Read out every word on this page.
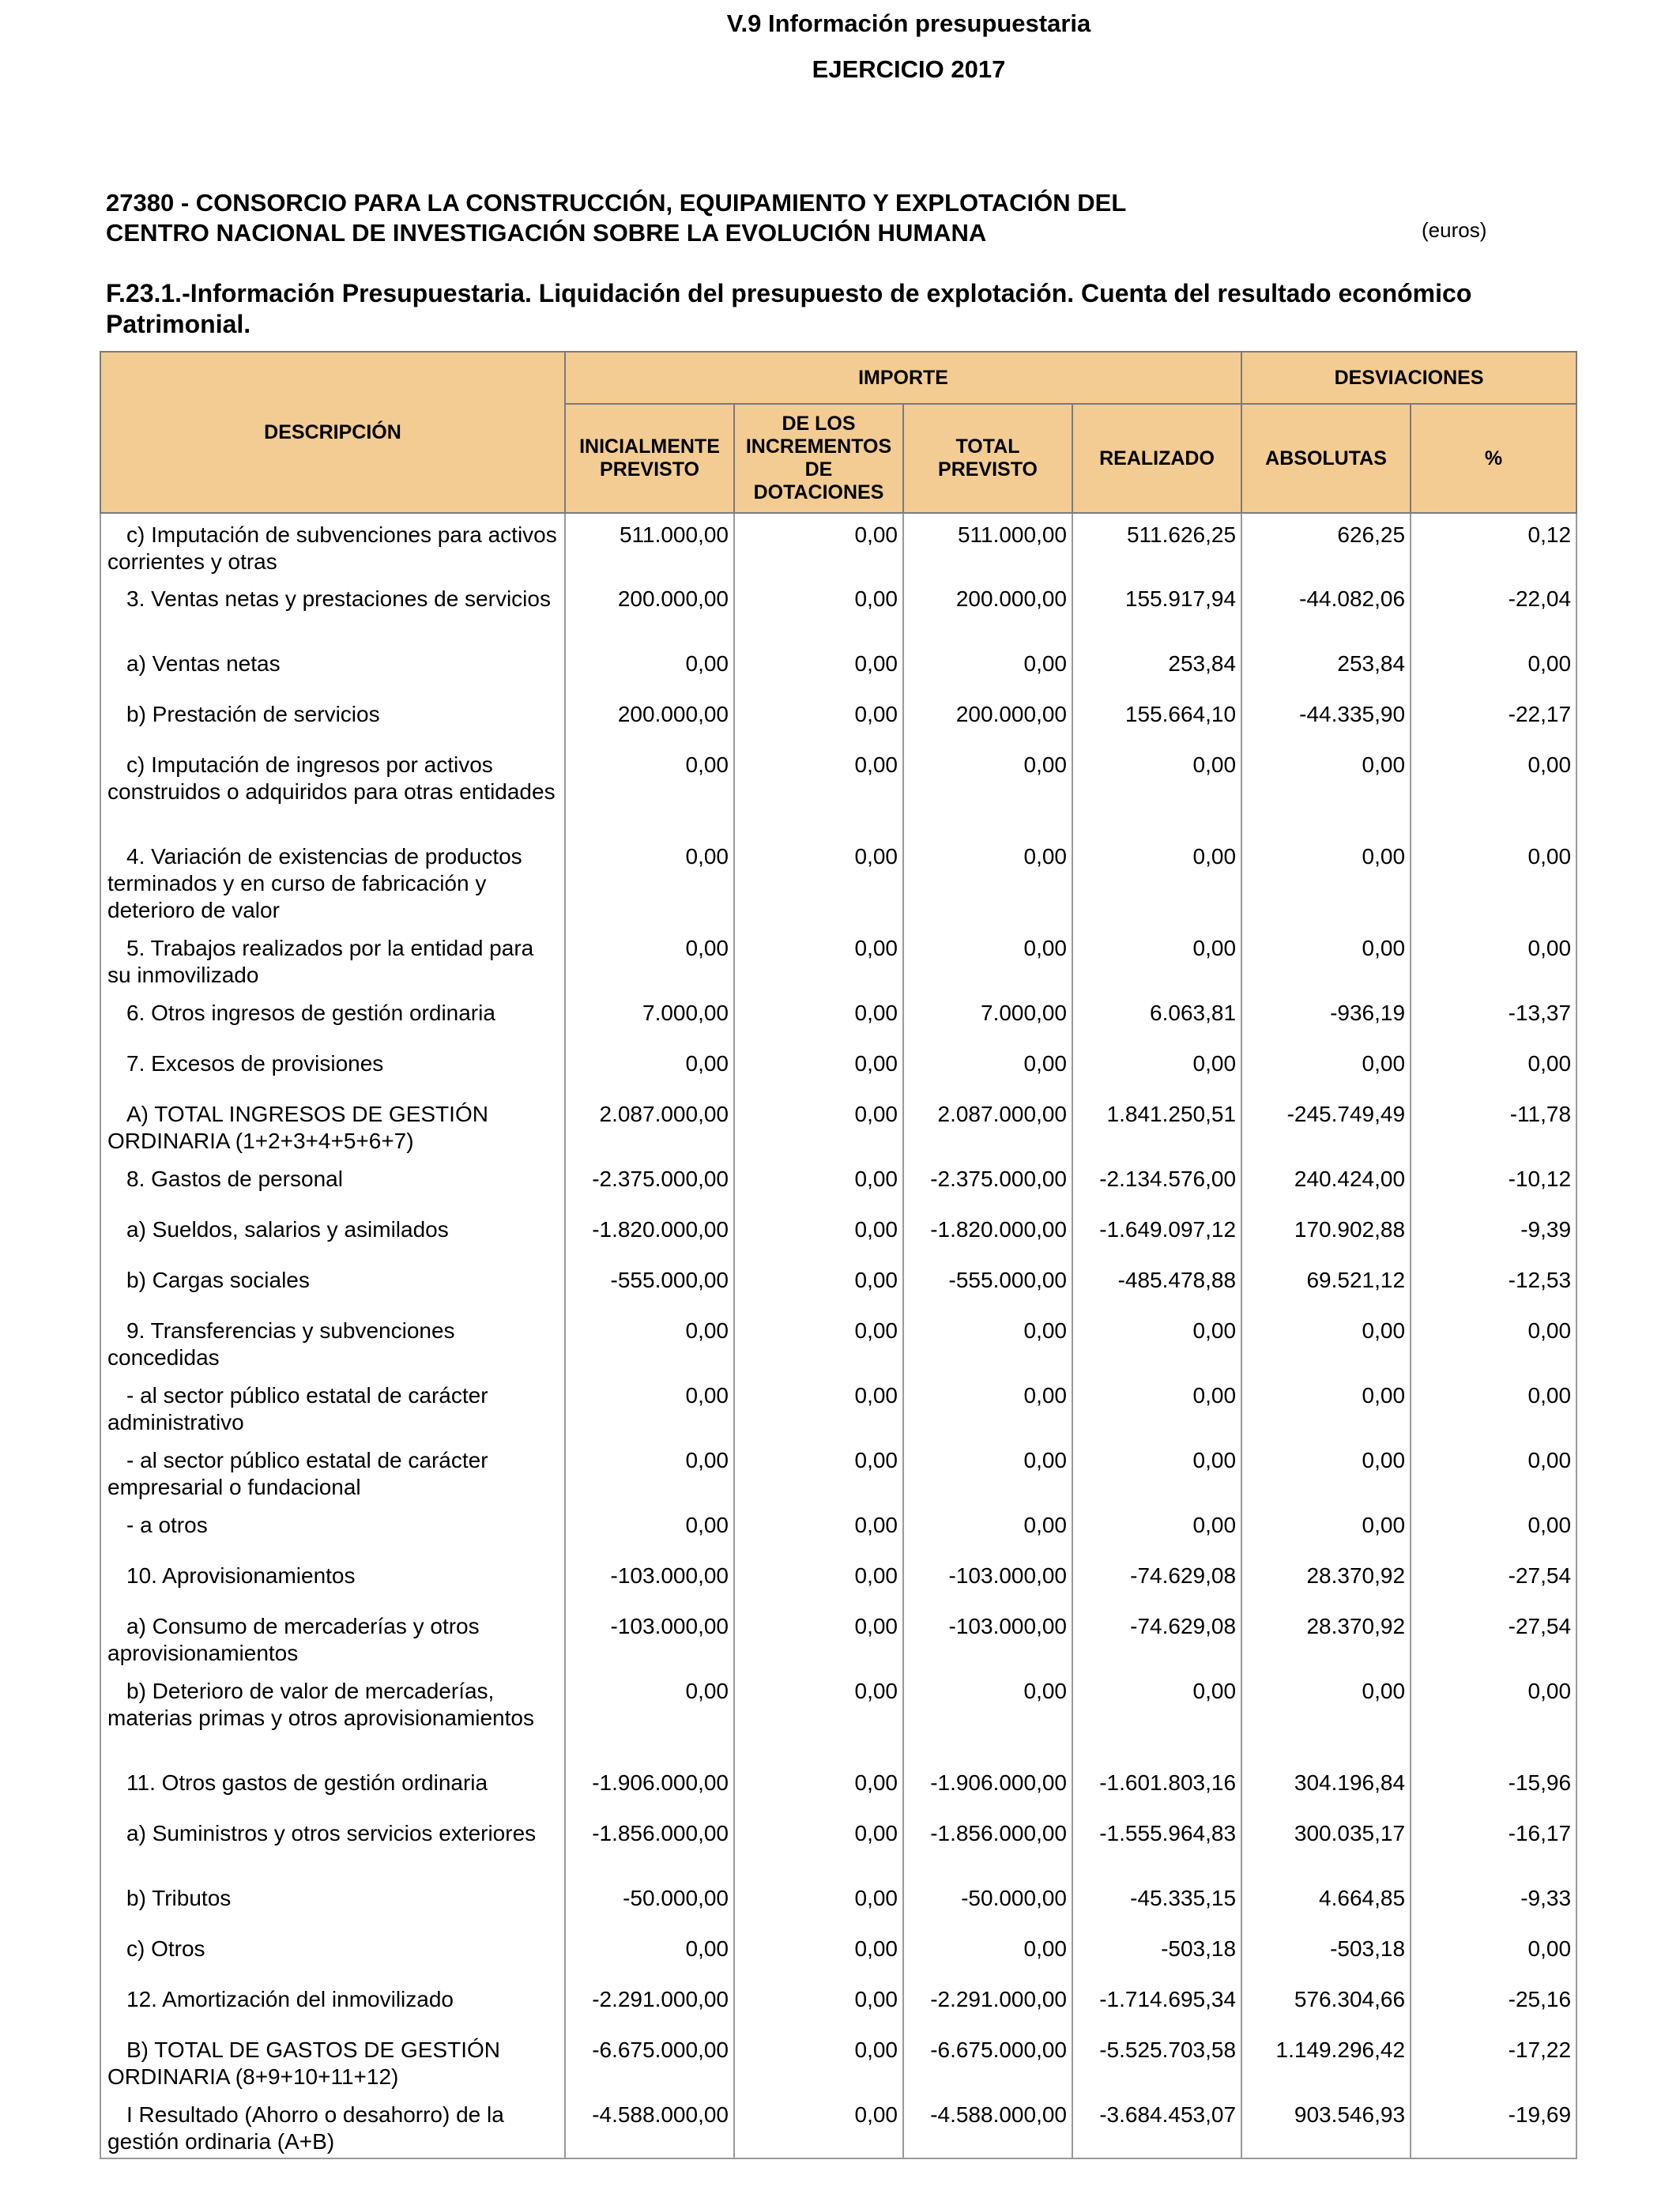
V.9 Información presupuestaria
EJERCICIO 2017
27380 - CONSORCIO PARA LA CONSTRUCCIÓN, EQUIPAMIENTO Y EXPLOTACIÓN DEL
CENTRO NACIONAL DE INVESTIGACIÓN SOBRE LA EVOLUCIÓN HUMANA	(euros)
F.23.1.-Información Presupuestaria. Liquidación del presupuesto de explotación. Cuenta del resultado económico Patrimonial.
DESCRIPCIÓN	IMPORTE				DESVIACIONES	
	INICIALMENTE PREVISTO	DE LOS INCREMENTOS DE DOTACIONES	TOTAL PREVISTO	REALIZADO	ABSOLUTAS	%

c) Imputación de subvenciones para activos corrientes y otras	511.000,00	0,00	511.000,00	511.626,25	626,25	0,12

3. Ventas netas y prestaciones de servicios	200.000,00	0,00	200.000,00	155.917,94	-44.082,06	-22,04

a) Ventas netas	0,00	0,00	0,00	253,84	253,84	0,00

b) Prestación de servicios	200.000,00	0,00	200.000,00	155.664,10	-44.335,90	-22,17

c) Imputación de ingresos por activos construidos o adquiridos para otras entidades	0,00	0,00	0,00	0,00	0,00	0,00

4. Variación de existencias de productos terminados y en curso de fabricación y deterioro de valor	0,00	0,00	0,00	0,00	0,00	0,00

5. Trabajos realizados por la entidad para su inmovilizado	0,00	0,00	0,00	0,00	0,00	0,00

6. Otros ingresos de gestión ordinaria	7.000,00	0,00	7.000,00	6.063,81	-936,19	-13,37

7. Excesos de provisiones	0,00	0,00	0,00	0,00	0,00	0,00

A) TOTAL INGRESOS DE GESTIÓN ORDINARIA (1+2+3+4+5+6+7)	2.087.000,00	0,00	2.087.000,00	1.841.250,51	-245.749,49	-11,78

8. Gastos de personal	-2.375.000,00	0,00	-2.375.000,00	-2.134.576,00	240.424,00	-10,12

a) Sueldos, salarios y asimilados	-1.820.000,00	0,00	-1.820.000,00	-1.649.097,12	170.902,88	-9,39

b) Cargas sociales	-555.000,00	0,00	-555.000,00	-485.478,88	69.521,12	-12,53

9. Transferencias y subvenciones concedidas	0,00	0,00	0,00	0,00	0,00	0,00

- al sector público estatal de carácter administrativo	0,00	0,00	0,00	0,00	0,00	0,00

- al sector público estatal de carácter empresarial o fundacional	0,00	0,00	0,00	0,00	0,00	0,00

- a otros	0,00	0,00	0,00	0,00	0,00	0,00

10. Aprovisionamientos	-103.000,00	0,00	-103.000,00	-74.629,08	28.370,92	-27,54

a) Consumo de mercaderías y otros aprovisionamientos	-103.000,00	0,00	-103.000,00	-74.629,08	28.370,92	-27,54

b) Deterioro de valor de mercaderías, materias primas y otros aprovisionamientos	0,00	0,00	0,00	0,00	0,00	0,00

11. Otros gastos de gestión ordinaria	-1.906.000,00	0,00	-1.906.000,00	-1.601.803,16	304.196,84	-15,96

a) Suministros y otros servicios exteriores	-1.856.000,00	0,00	-1.856.000,00	-1.555.964,83	300.035,17	-16,17

b) Tributos	-50.000,00	0,00	-50.000,00	-45.335,15	4.664,85	-9,33

c) Otros	0,00	0,00	0,00	-503,18	-503,18	0,00

12. Amortización del inmovilizado	-2.291.000,00	0,00	-2.291.000,00	-1.714.695,34	576.304,66	-25,16

B) TOTAL DE GASTOS DE GESTIÓN ORDINARIA (8+9+10+11+12)	-6.675.000,00	0,00	-6.675.000,00	-5.525.703,58	1.149.296,42	-17,22

I Resultado (Ahorro o desahorro) de la gestión ordinaria (A+B)	-4.588.000,00	0,00	-4.588.000,00	-3.684.453,07	903.546,93	-19,69
